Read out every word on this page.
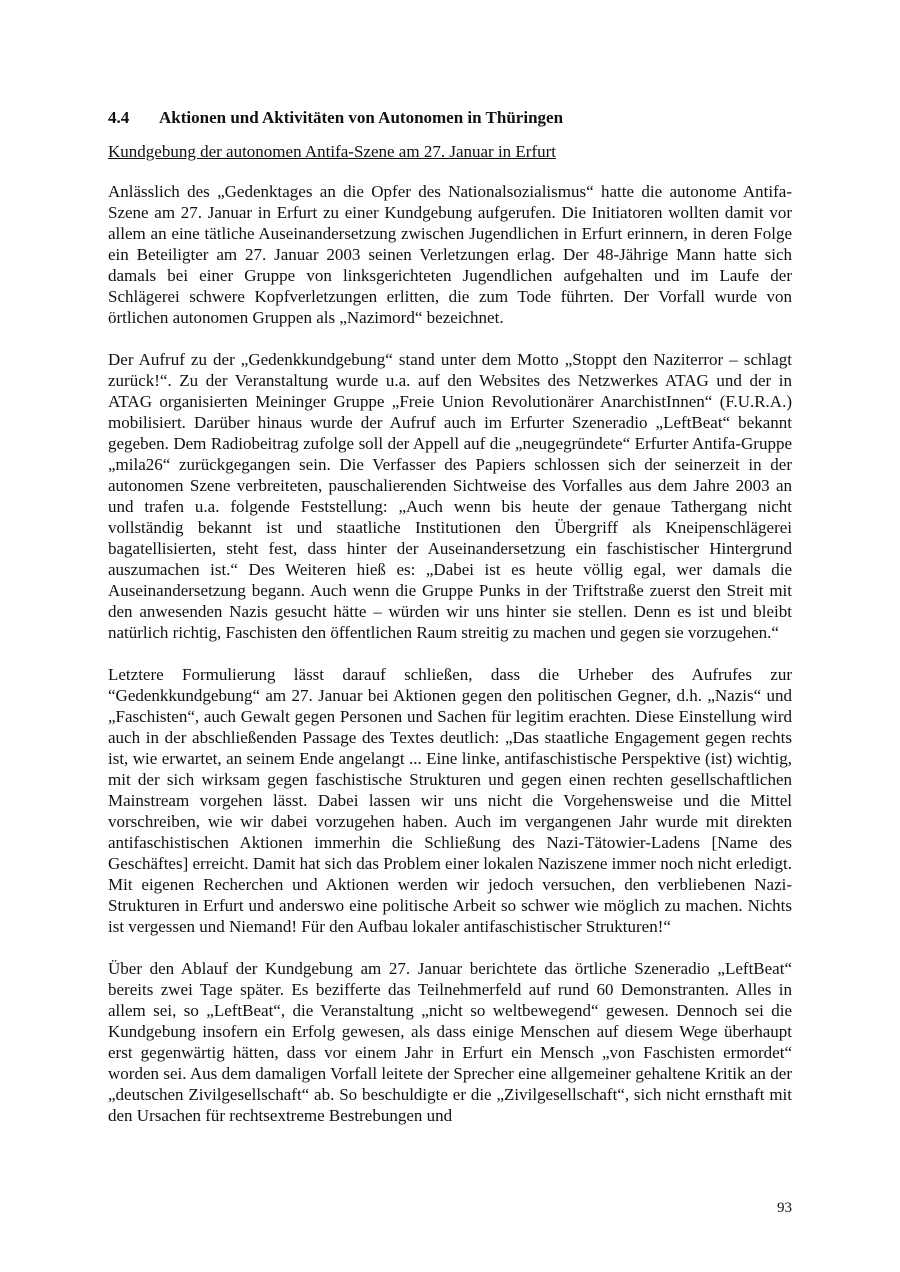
4.4 Aktionen und Aktivitäten von Autonomen in Thüringen
Kundgebung der autonomen Antifa-Szene am 27. Januar in Erfurt

Anlässlich des „Gedenktages an die Opfer des Nationalsozialismus“ hatte die autonome Antifa-Szene am 27. Januar in Erfurt zu einer Kundgebung aufgerufen. Die Initiatoren wollten damit vor allem an eine tätliche Auseinandersetzung zwischen Jugendlichen in Erfurt erinnern, in deren Folge ein Beteiligter am 27. Januar 2003 seinen Verletzungen erlag. Der 48-Jährige Mann hatte sich damals bei einer Gruppe von linksgerichteten Jugendlichen aufgehalten und im Laufe der Schlägerei schwere Kopfverletzungen erlitten, die zum Tode führten. Der Vorfall wurde von örtlichen autonomen Gruppen als „Nazimord“ bezeichnet.

Der Aufruf zu der „Gedenkkundgebung“ stand unter dem Motto „Stoppt den Naziterror – schlagt zurück!“. Zu der Veranstaltung wurde u.a. auf den Websites des Netzwerkes ATAG und der in ATAG organisierten Meininger Gruppe „Freie Union Revolutionärer AnarchistInnen“ (F.U.R.A.) mobilisiert. Darüber hinaus wurde der Aufruf auch im Erfurter Szeneradio „LeftBeat“ bekannt gegeben. Dem Radiobeitrag zufolge soll der Appell auf die „neugegründete“ Erfurter Antifa-Gruppe „mila26“ zurückgegangen sein. Die Verfasser des Papiers schlossen sich der seinerzeit in der autonomen Szene verbreiteten, pauschalierenden Sichtweise des Vorfalles aus dem Jahre 2003 an und trafen u.a. folgende Feststellung: „Auch wenn bis heute der genaue Tathergang nicht vollständig bekannt ist und staatliche Institutionen den Übergriff als Kneipenschlägerei bagatellisierten, steht fest, dass hinter der Auseinandersetzung ein faschistischer Hintergrund auszumachen ist.“ Des Weiteren hieß es: „Dabei ist es heute völlig egal, wer damals die Auseinandersetzung begann. Auch wenn die Gruppe Punks in der Triftstraße zuerst den Streit mit den anwesenden Nazis gesucht hätte – würden wir uns hinter sie stellen. Denn es ist und bleibt natürlich richtig, Faschisten den öffentlichen Raum streitig zu machen und gegen sie vorzugehen.“

Letztere Formulierung lässt darauf schließen, dass die Urheber des Aufrufes zur “Gedenkkundgebung“ am 27. Januar bei Aktionen gegen den politischen Gegner, d.h. „Nazis“ und „Faschisten“, auch Gewalt gegen Personen und Sachen für legitim erachten. Diese Einstellung wird auch in der abschließenden Passage des Textes deutlich: „Das staatliche Engagement gegen rechts ist, wie erwartet, an seinem Ende angelangt ... Eine linke, antifaschistische Perspektive (ist) wichtig, mit der sich wirksam gegen faschistische Strukturen und gegen einen rechten gesellschaftlichen Mainstream vorgehen lässt. Dabei lassen wir uns nicht die Vorgehensweise und die Mittel vorschreiben, wie wir dabei vorzugehen haben. Auch im vergangenen Jahr wurde mit direkten antifaschistischen Aktionen immerhin die Schließung des Nazi-Tätowier-Ladens [Name des Geschäftes] erreicht. Damit hat sich das Problem einer lokalen Naziszene immer noch nicht erledigt. Mit eigenen Recherchen und Aktionen werden wir jedoch versuchen, den verbliebenen Nazi-Strukturen in Erfurt und anderswo eine politische Arbeit so schwer wie möglich zu machen. Nichts ist vergessen und Niemand! Für den Aufbau lokaler antifaschistischer Strukturen!“

Über den Ablauf der Kundgebung am 27. Januar berichtete das örtliche Szeneradio „LeftBeat“ bereits zwei Tage später. Es bezifferte das Teilnehmerfeld auf rund 60 Demonstranten. Alles in allem sei, so „LeftBeat“, die Veranstaltung „nicht so weltbewegend“ gewesen. Dennoch sei die Kundgebung insofern ein Erfolg gewesen, als dass einige Menschen auf diesem Wege überhaupt erst gegenwärtig hätten, dass vor einem Jahr in Erfurt ein Mensch „von Faschisten ermordet“ worden sei. Aus dem damaligen Vorfall leitete der Sprecher eine allgemeiner gehaltene Kritik an der „deutschen Zivilgesellschaft“ ab. So beschuldigte er die „Zivilgesellschaft“, sich nicht ernsthaft mit den Ursachen für rechtsextreme Bestrebungen und

93
